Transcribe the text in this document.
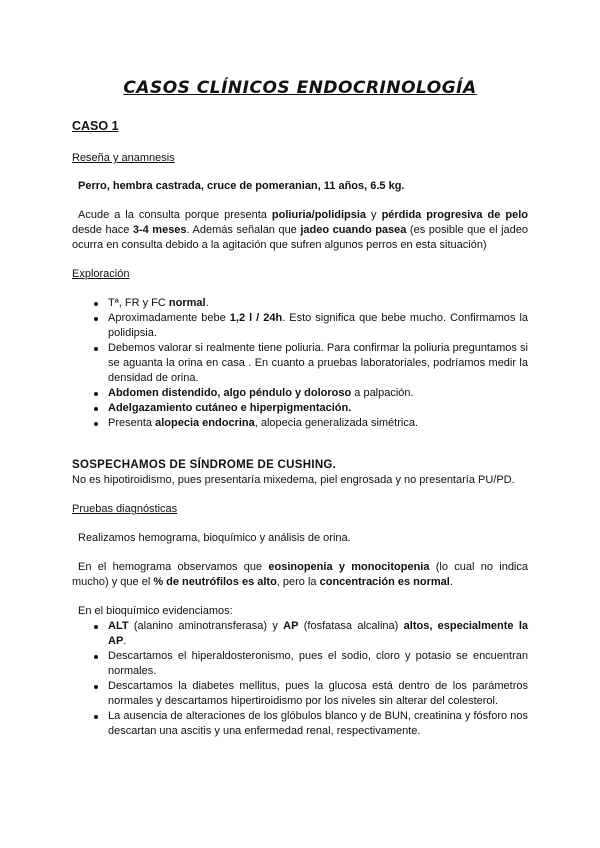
CASOS CLÍNICOS ENDOCRINOLOGÍA
CASO 1
Reseña y anamnesis
Perro, hembra castrada, cruce de pomeranian, 11 años, 6.5 kg.
Acude a la consulta porque presenta poliuria/polidipsia y pérdida progresiva de pelo desde hace 3-4 meses. Además señalan que jadeo cuando pasea (es posible que el jadeo ocurra en consulta debido a la agitación que sufren algunos perros en esta situación)
Exploración
Tª, FR y FC normal.
Aproximadamente bebe 1,2 l / 24h. Esto significa que bebe mucho. Confirmamos la polidipsia.
Debemos valorar si realmente tiene poliuria. Para confirmar la poliuria preguntamos si se aguanta la orina en casa . En cuanto a pruebas laboratoriales, podríamos medir la densidad de orina.
Abdomen distendido, algo péndulo y doloroso a palpación.
Adelgazamiento cutáneo e hiperpigmentación.
Presenta alopecia endocrina, alopecia generalizada simétrica.
SOSPECHAMOS DE SÍNDROME DE CUSHING.
No es hipotiroidismo, pues presentaría mixedema, piel engrosada y no presentaría PU/PD.
Pruebas diagnósticas
Realizamos hemograma, bioquímico y análisis de orina.
En el hemograma observamos que eosinopenia y monocitopenia (lo cual no indica mucho) y que el % de neutrófilos es alto, pero la concentración es normal.
En el bioquímico evidenciamos:
ALT (alanino aminotransferasa) y AP (fosfatasa alcalina) altos, especialmente la AP.
Descartamos el hiperaldosteronismo, pues el sodio, cloro y potasio se encuentran normales.
Descartamos la diabetes mellitus, pues la glucosa está dentro de los parámetros normales y descartamos hipertiroidismo por los niveles sin alterar del colesterol.
La ausencia de alteraciones de los glóbulos blanco y de BUN, creatinina y fósforo nos descartan una ascitis y una enfermedad renal, respectivamente.
